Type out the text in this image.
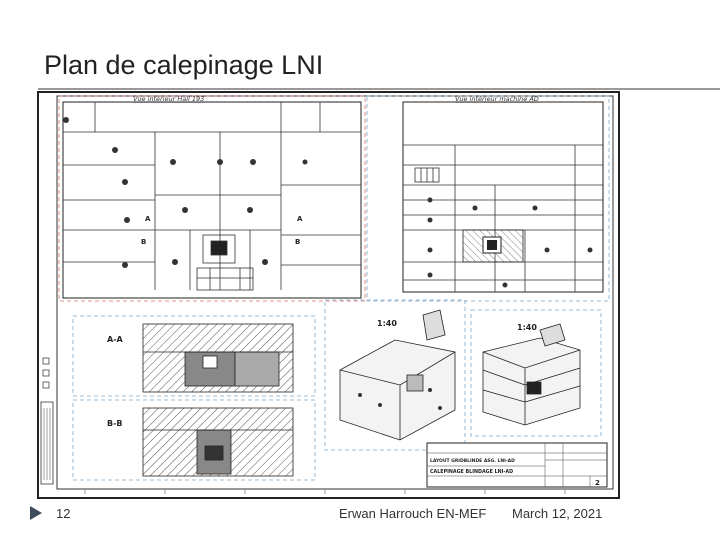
Plan de calepinage LNI
Vue intérieur Hall 193
A	A
B	B
Vue intérieur machine AD
A-A
B-B
1:40	1:40
LAYOUT GRIDBLINDE ASG. LNI-AD
CALEPINAGE BLINDAGE LNI-AD
2
12	Erwan Harrouch EN-MEF March 12, 2021
